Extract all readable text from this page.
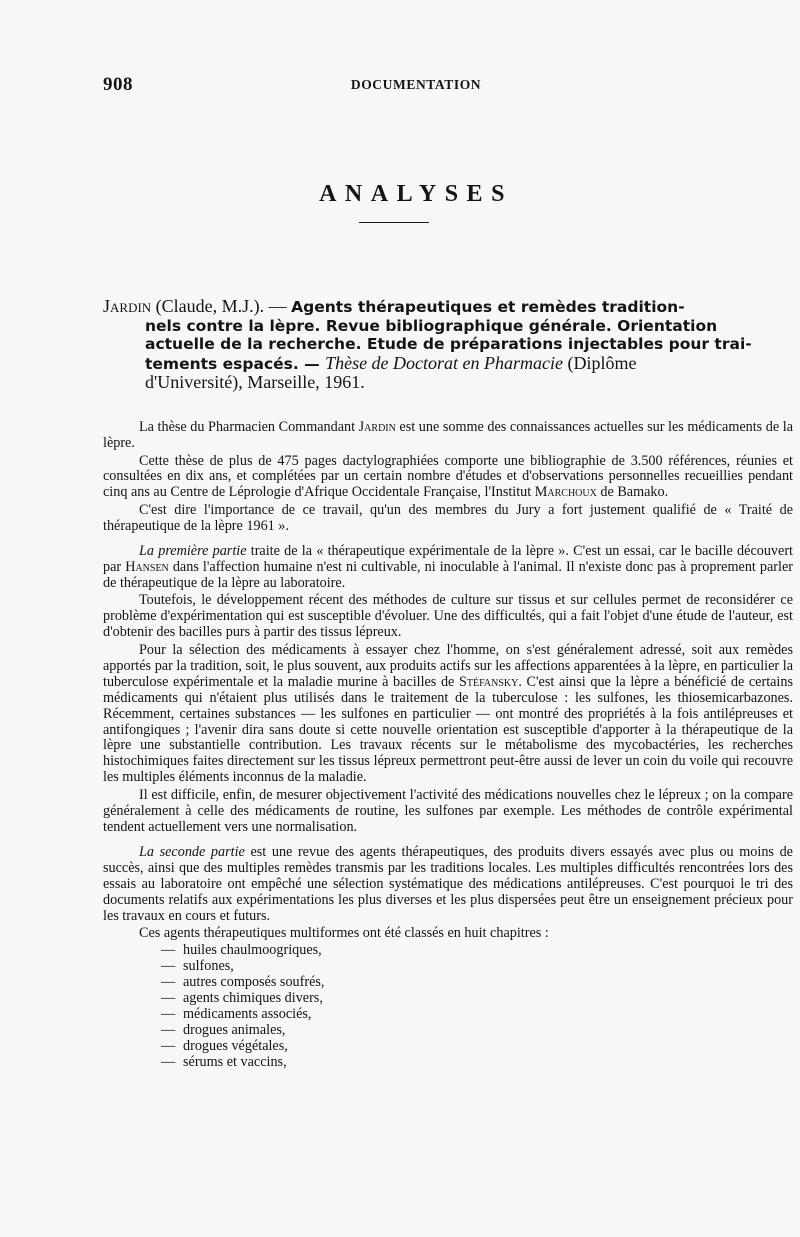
908	DOCUMENTATION
ANALYSES
Jardin (Claude, M.J.). — Agents thérapeutiques et remèdes tradition-
nels contre la lèpre. Revue bibliographique générale. Orientation
actuelle de la recherche. Etude de préparations injectables pour trai-
tements espacés. — Thèse de Doctorat en Pharmacie (Diplôme
d'Université), Marseille, 1961.

La thèse du Pharmacien Commandant Jardin est une somme des connaissances actuelles sur les médicaments de la lèpre.

Cette thèse de plus de 475 pages dactylographiées comporte une bibliographie de 3.500 références, réunies et consultées en dix ans, et complétées par un certain nombre d'études et d'observations personnelles recueillies pendant cinq ans au Centre de Léprologie d'Afrique Occidentale Française, l'Institut Marchoux de Bamako.

C'est dire l'importance de ce travail, qu'un des membres du Jury a fort justement qualifié de « Traité de thérapeutique de la lèpre 1961 ».

La première partie traite de la « thérapeutique expérimentale de la lèpre ». C'est un essai, car le bacille découvert par Hansen dans l'affection humaine n'est ni cultivable, ni inoculable à l'animal. Il n'existe donc pas à proprement parler de thérapeutique de la lèpre au laboratoire.

Toutefois, le développement récent des méthodes de culture sur tissus et sur cellules permet de reconsidérer ce problème d'expérimentation qui est susceptible d'évoluer. Une des difficultés, qui a fait l'objet d'une étude de l'auteur, est d'obtenir des bacilles purs à partir des tissus lépreux.

Pour la sélection des médicaments à essayer chez l'homme, on s'est généralement adressé, soit aux remèdes apportés par la tradition, soit, le plus souvent, aux produits actifs sur les affections apparentées à la lèpre, en particulier la tuberculose expérimentale et la maladie murine à bacilles de Stéfansky. C'est ainsi que la lèpre a bénéficié de certains médicaments qui n'étaient plus utilisés dans le traitement de la tuberculose : les sulfones, les thiosemicarbazones. Récemment, certaines substances — les sulfones en particulier — ont montré des propriétés à la fois antilépreuses et antifongiques ; l'avenir dira sans doute si cette nouvelle orientation est susceptible d'apporter à la thérapeutique de la lèpre une substantielle contribution. Les travaux récents sur le métabolisme des mycobactéries, les recherches histochimiques faites directement sur les tissus lépreux permettront peut-être aussi de lever un coin du voile qui recouvre les multiples éléments inconnus de la maladie.

Il est difficile, enfin, de mesurer objectivement l'activité des médications nouvelles chez le lépreux ; on la compare généralement à celle des médicaments de routine, les sulfones par exemple. Les méthodes de contrôle expérimental tendent actuellement vers une normalisation.

La seconde partie est une revue des agents thérapeutiques, des produits divers essayés avec plus ou moins de succès, ainsi que des multiples remèdes transmis par les traditions locales. Les multiples difficultés rencontrées lors des essais au laboratoire ont empêché une sélection systématique des médications antilépreuses. C'est pourquoi le tri des documents relatifs aux expérimentations les plus diverses et les plus dispersées peut être un enseignement précieux pour les travaux en cours et futurs.

Ces agents thérapeutiques multiformes ont été classés en huit chapitres :

— huiles chaulmoogriques,
— sulfones,
— autres composés soufrés,
— agents chimiques divers,
— médicaments associés,
— drogues animales,
— drogues végétales,
— sérums et vaccins,
